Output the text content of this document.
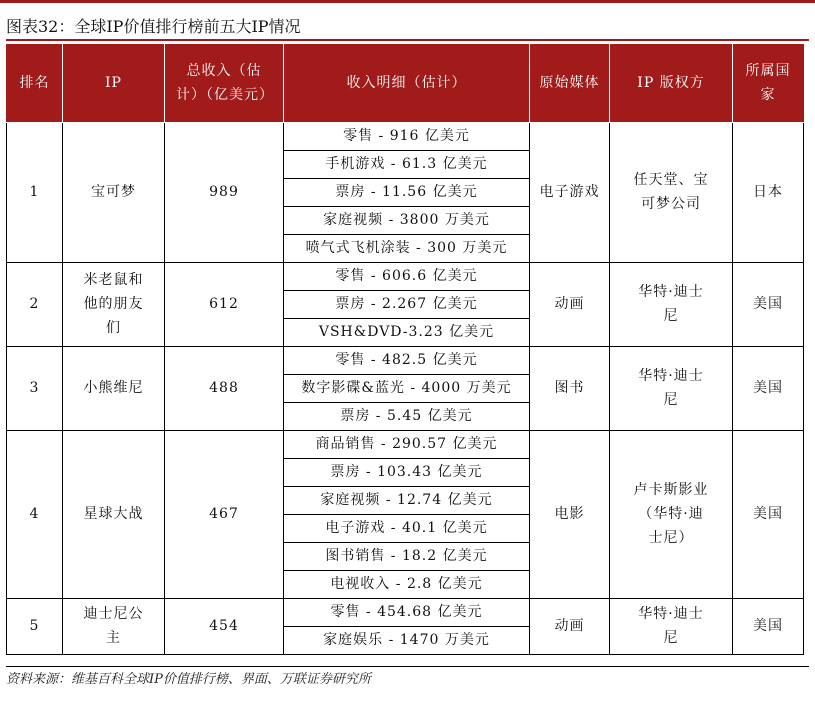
图表32：全球IP价值排行榜前五大IP情况
排名	IP	总收入（估计）（亿美元）	收入明细（估计）	原始媒体	IP 版权方	所属国家
1	宝可梦	989	零售 - 916 亿美元	电子游戏	任天堂、宝可梦公司	日本
			手机游戏 - 61.3 亿美元			
			票房 - 11.56 亿美元			
			家庭视频 - 3800 万美元			
			喷气式飞机涂装 - 300 万美元			
2	米老鼠和他的朋友们	612	零售 - 606.6 亿美元	动画	华特·迪士尼	美国
			票房 - 2.267 亿美元			
			VSH&DVD-3.23 亿美元			
3	小熊维尼	488	零售 - 482.5 亿美元	图书	华特·迪士尼	美国
			数字影碟&蓝光 - 4000 万美元			
			票房 - 5.45 亿美元			
4	星球大战	467	商品销售 - 290.57 亿美元	电影	卢卡斯影业（华特·迪士尼）	美国
			票房 - 103.43 亿美元			
			家庭视频 - 12.74 亿美元			
			电子游戏 - 40.1 亿美元			
			图书销售 - 18.2 亿美元			
			电视收入 - 2.8 亿美元			
5	迪士尼公主	454	零售 - 454.68 亿美元	动画	华特·迪士尼	美国
			家庭娱乐 - 1470 万美元			
资料来源：维基百科全球IP价值排行榜、界面、万联证券研究所
